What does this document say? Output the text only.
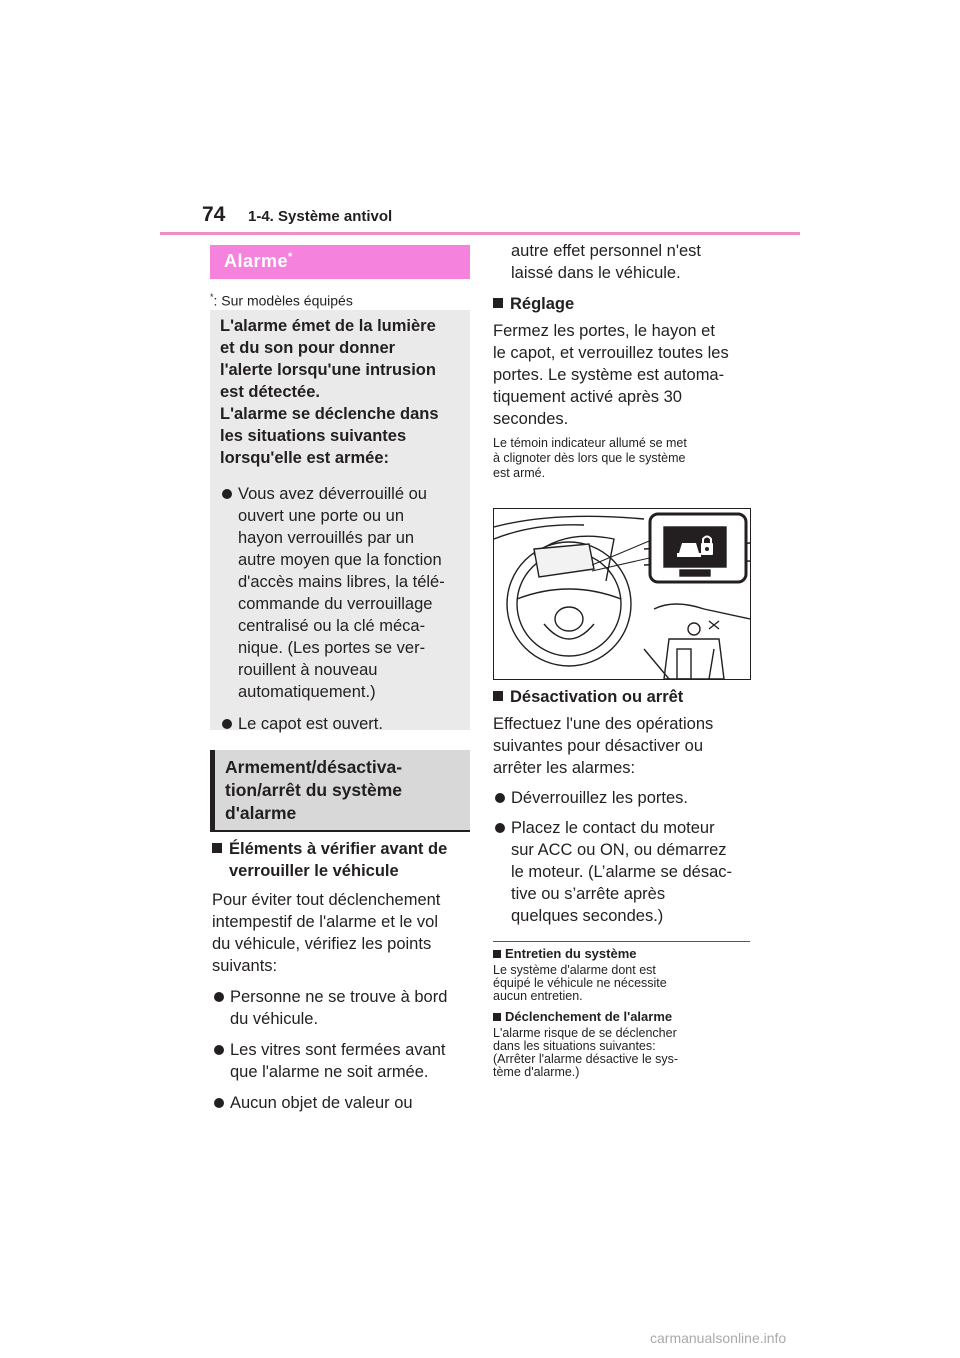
74 1-4. Système antivol
Alarme*
*: Sur modèles équipés
L'alarme émet de la lumière
et du son pour donner
l'alerte lorsqu'une intrusion
est détectée.
L'alarme se déclenche dans
les situations suivantes
lorsqu'elle est armée:
Vous avez déverrouillé ou
ouvert une porte ou un
hayon verrouillés par un
autre moyen que la fonction
d'accès mains libres, la télé-
commande du verrouillage
centralisé ou la clé méca-
nique. (Les portes se ver-
rouillent à nouveau
automatiquement.)
Le capot est ouvert.
Armement/désactiva-
tion/arrêt du système
d'alarme
Éléments à vérifier avant de
verrouiller le véhicule
Pour éviter tout déclenchement
intempestif de l'alarme et le vol
du véhicule, vérifiez les points
suivants:
Personne ne se trouve à bord
du véhicule.
Les vitres sont fermées avant
que l'alarme ne soit armée.
Aucun objet de valeur ou
autre effet personnel n'est
laissé dans le véhicule.
Réglage
Fermez les portes, le hayon et
le capot, et verrouillez toutes les
portes. Le système est automa-
tiquement activé après 30
secondes.
Le témoin indicateur allumé se met
à clignoter dès lors que le système
est armé.
Désactivation ou arrêt
Effectuez l'une des opérations
suivantes pour désactiver ou
arrêter les alarmes:
Déverrouillez les portes.
Placez le contact du moteur
sur ACC ou ON, ou démarrez
le moteur. (L’alarme se désac-
tive ou s’arrête après
quelques secondes.)
Entretien du système
Le système d'alarme dont est
équipé le véhicule ne nécessite
aucun entretien.
Déclenchement de l'alarme
L'alarme risque de se déclencher
dans les situations suivantes:
(Arrêter l'alarme désactive le sys-
tème d'alarme.)
carmanualsonline.info
